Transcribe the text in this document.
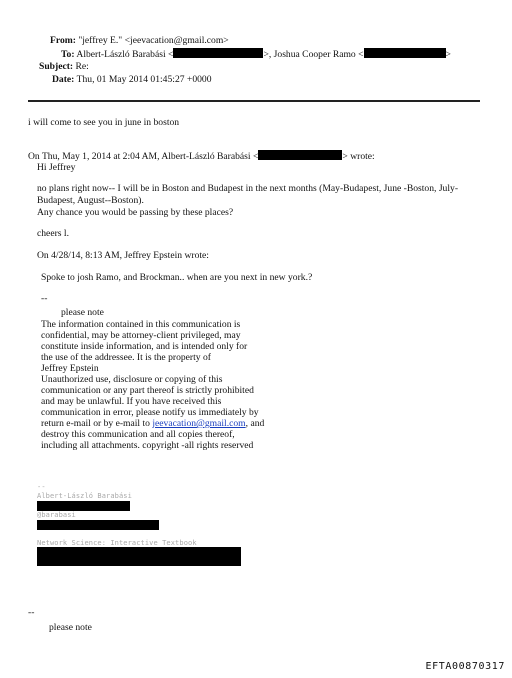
From: "jeffrey E." <jeevacation@gmail.com>
To: Albert-László Barabási <	>, Joshua Cooper Ramo <	>
Subject: Re:
Date: Thu, 01 May 2014 01:45:27 +0000
i will come to see you in june in boston
On Thu, May 1, 2014 at 2:04 AM, Albert-László Barabási <	> wrote:
Hi Jeffrey
no plans right now-- I will be in Boston and Budapest in the next months (May-Budapest, June -Boston, July-
Budapest, August--Boston).
Any chance you would be passing by these places?
cheers l.
On 4/28/14, 8:13 AM, Jeffrey Epstein wrote:
Spoke to josh Ramo, and Brockman.. when are you next in new york.?
--
please note
The information contained in this communication is
confidential, may be attorney-client privileged, may
constitute inside information, and is intended only for
the use of the addressee. It is the property of
Jeffrey Epstein
Unauthorized use, disclosure or copying of this
communication or any part thereof is strictly prohibited
and may be unlawful. If you have received this
communication in error, please notify us immediately by
return e-mail or by e-mail to jeevacation@gmail.com, and
destroy this communication and all copies thereof,
including all attachments. copyright -all rights reserved
--
Albert-László Barabási
@barabasi
Network Science: Interactive Textbook
--
please note
EFTA00870317
